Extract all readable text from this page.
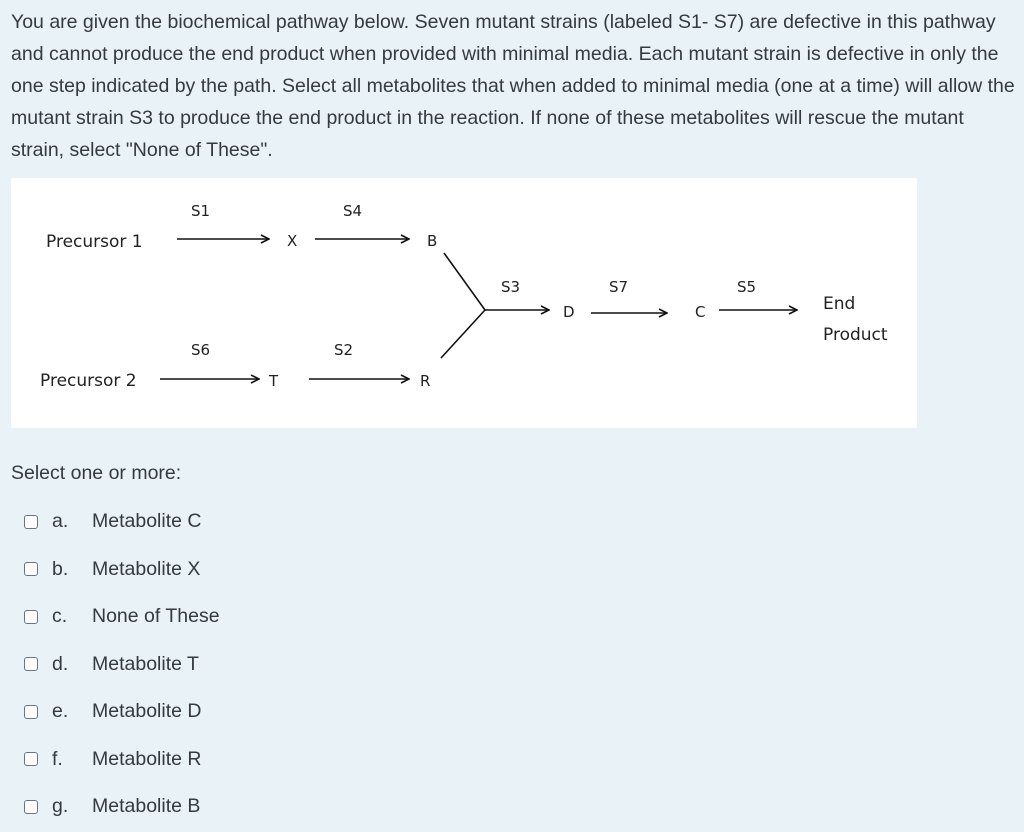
You are given the biochemical pathway below. Seven mutant strains (labeled S1- S7) are defective in this pathway and cannot produce the end product when provided with minimal media. Each mutant strain is defective in only the one step indicated by the path. Select all metabolites that when added to minimal media (one at a time) will allow the mutant strain S3 to produce the end product in the reaction. If none of these metabolites will rescue the mutant strain, select "None of These".

Precursor 1
S1
X
S4
B
S3
D
S7
C
S5
End
Product
Precursor 2
S6
T
S2
R

Select one or more:

a.	Metabolite C
b.	Metabolite X
c.	None of These
d.	Metabolite T
e.	Metabolite D
f.	Metabolite R
g.	Metabolite B
